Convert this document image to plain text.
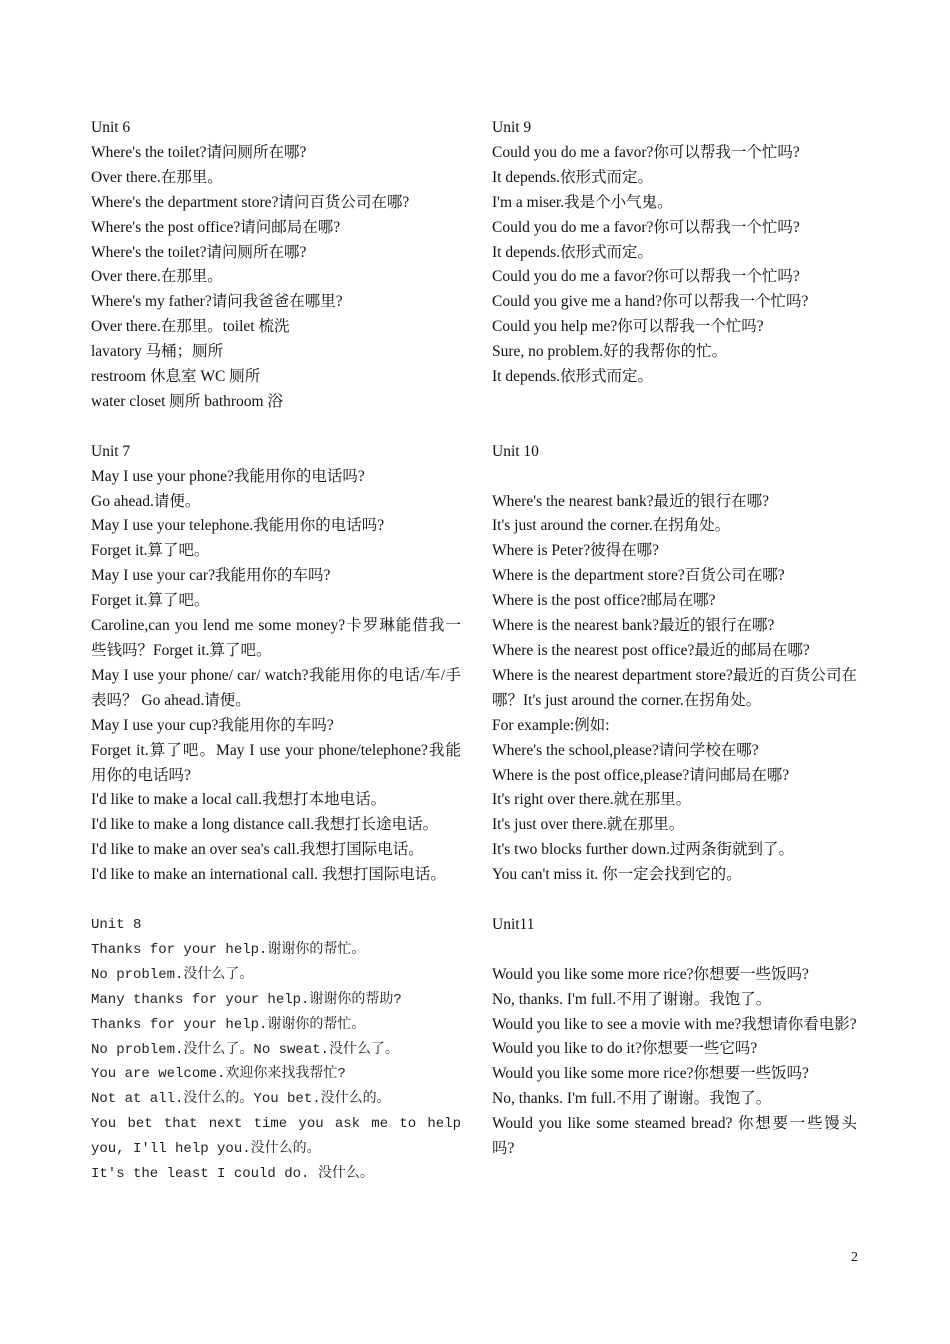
Unit 6
Where's the toilet?请问厕所在哪?
Over there.在那里。
Where's the department store?请问百货公司在哪?
Where's the post office?请问邮局在哪?
Where's the toilet?请问厕所在哪?
Over there.在那里。
Where's my father?请问我爸爸在哪里?
Over there.在那里。toilet 梳洗
lavatory 马桶；厕所
restroom 休息室 WC 厕所
water closet 厕所 bathroom 浴
Unit 7
May I use your phone?我能用你的电话吗?
Go ahead.请便。
May I use your telephone.我能用你的电话吗?
Forget it.算了吧。
May I use your car?我能用你的车吗?
Forget it.算了吧。
Caroline,can you lend me some money?卡罗琳能借我一些钱吗？Forget it.算了吧。
May I use your phone/ car/ watch?我能用你的电话/车/手表吗？ Go ahead.请便。
May I use your cup?我能用你的车吗?
Forget it.算了吧。May I use your phone/telephone?我能用你的电话吗?
I'd like to make a local call.我想打本地电话。
I'd like to make a long distance call.我想打长途电话。
I'd like to make an over sea's call.我想打国际电话。
I'd like to make an international call. 我想打国际电话。
Unit 8
Thanks for your help.谢谢你的帮忙。
No problem.没什么了。
Many thanks for your help.谢谢你的帮助?
Thanks for your help.谢谢你的帮忙。
No problem.没什么了。No sweat.没什么了。
You are welcome.欢迎你来找我帮忙?
Not at all.没什么的。You bet.没什么的。
You bet that next time you ask me to help you, I'll help you.没什么的。
It's the least I could do. 没什么。
Unit 9
Could you do me a favor?你可以帮我一个忙吗?
It depends.依形式而定。
I'm a miser.我是个小气鬼。
Could you do me a favor?你可以帮我一个忙吗?
It depends.依形式而定。
Could you do me a favor?你可以帮我一个忙吗?
Could you give me a hand?你可以帮我一个忙吗?
Could you help me?你可以帮我一个忙吗?
Sure, no problem.好的我帮你的忙。
It depends.依形式而定。
Unit 10
Where's the nearest bank?最近的银行在哪?
It's just around the corner.在拐角处。
Where is Peter?彼得在哪?
Where is the department store?百货公司在哪?
Where is the post office?邮局在哪?
Where is the nearest bank?最近的银行在哪?
Where is the nearest post office?最近的邮局在哪?
Where is the nearest department store?最近的百货公司在哪？It's just around the corner.在拐角处。
For example:例如:
Where's the school,please?请问学校在哪?
Where is the post office,please?请问邮局在哪?
It's right over there.就在那里。
It's just over there.就在那里。
It's two blocks further down.过两条街就到了。
You can't miss it. 你一定会找到它的。
Unit11
Would you like some more rice?你想要一些饭吗?
No, thanks. I'm full.不用了谢谢。我饱了。
Would you like to see a movie with me?我想请你看电影?
Would you like to do it?你想要一些它吗?
Would you like some more rice?你想要一些饭吗?
No, thanks. I'm full.不用了谢谢。我饱了。
Would you like some steamed bread? 你想要一些馒头吗?
2
